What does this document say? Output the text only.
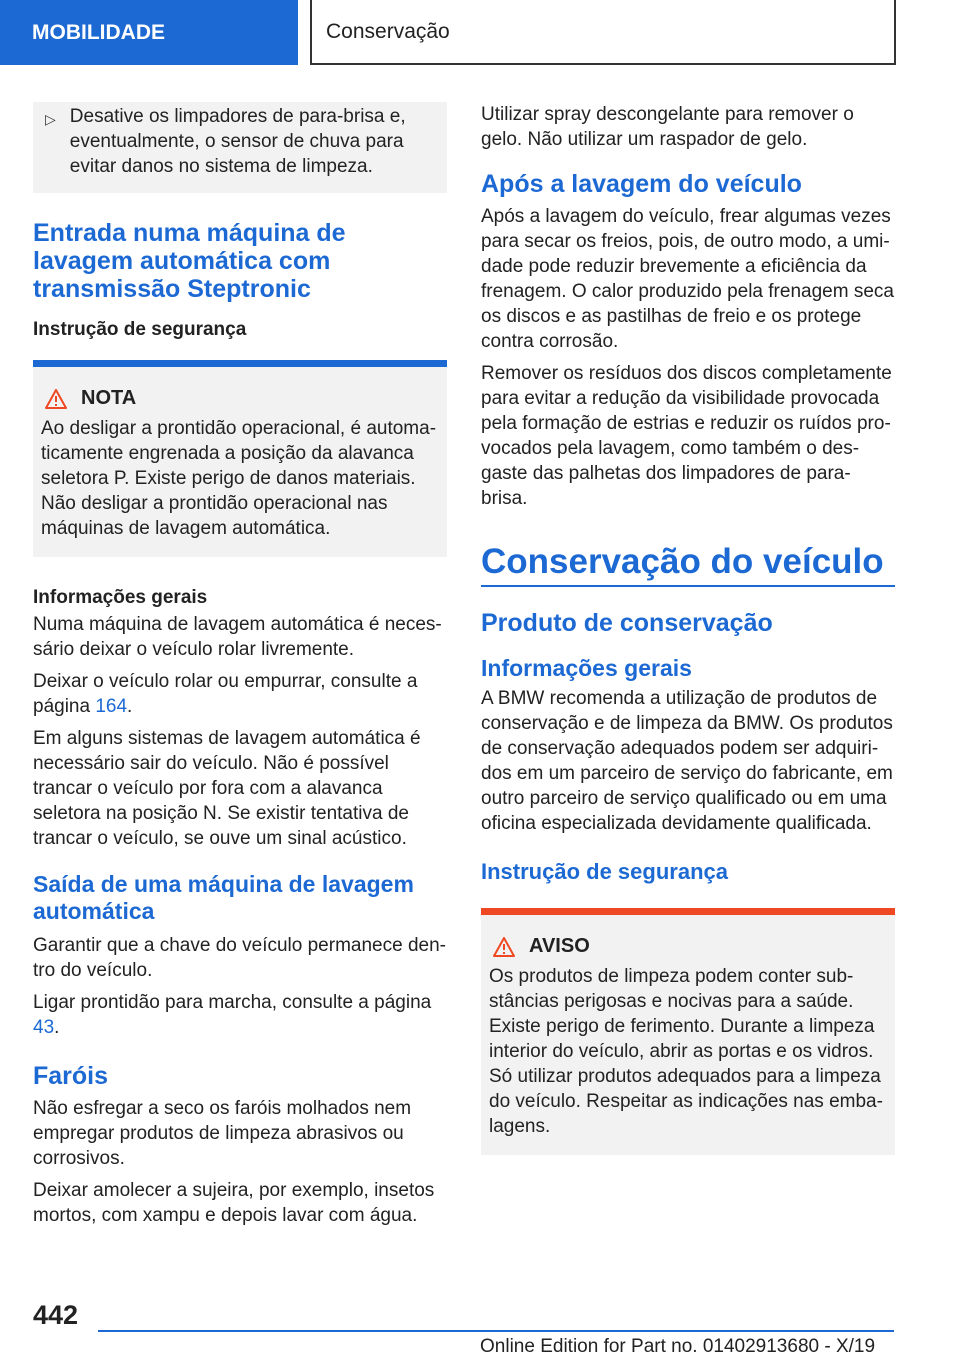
MOBILIDADE	Conservação
▷ Desative os limpadores de para-brisa e, eventualmente, o sensor de chuva para evitar danos no sistema de limpeza.
Entrada numa máquina de lavagem automática com transmissão Steptronic
Instrução de segurança
NOTA

Ao desligar a prontidão operacional, é automaticamente engrenada a posição da alavanca seletora P. Existe perigo de danos materiais. Não desligar a prontidão operacional nas máquinas de lavagem automática.

Informações gerais

Numa máquina de lavagem automática é necessário deixar o veículo rolar livremente.

Deixar o veículo rolar ou empurrar, consulte a página 164.

Em alguns sistemas de lavagem automática é necessário sair do veículo. Não é possível trancar o veículo por fora com a alavanca seletora na posição N. Se existir tentativa de trancar o veículo, se ouve um sinal acústico.

Saída de uma máquina de lavagem automática

Garantir que a chave do veículo permanece dentro do veículo.

Ligar prontidão para marcha, consulte a página 43.

Faróis

Não esfregar a seco os faróis molhados nem empregar produtos de limpeza abrasivos ou corrosivos.

Deixar amolecer a sujeira, por exemplo, insetos mortos, com xampu e depois lavar com água.

Utilizar spray descongelante para remover o gelo. Não utilizar um raspador de gelo.

Após a lavagem do veículo

Após a lavagem do veículo, frear algumas vezes para secar os freios, pois, de outro modo, a umidade pode reduzir brevemente a eficiência da frenagem. O calor produzido pela frenagem seca os discos e as pastilhas de freio e os protege contra corrosão.

Remover os resíduos dos discos completamente para evitar a redução da visibilidade provocada pela formação de estrias e reduzir os ruídos provocados pela lavagem, como também o desgaste das palhetas dos limpadores de para-brisa.

Conservação do veículo
Produto de conservação
Informações gerais

A BMW recomenda a utilização de produtos de conservação e de limpeza da BMW. Os produtos de conservação adequados podem ser adquiridos em um parceiro de serviço do fabricante, em outro parceiro de serviço qualificado ou em uma oficina especializada devidamente qualificada.

Instrução de segurança
AVISO

Os produtos de limpeza podem conter substâncias perigosas e nocivas para a saúde. Existe perigo de ferimento. Durante a limpeza interior do veículo, abrir as portas e os vidros. Só utilizar produtos adequados para a limpeza do veículo. Respeitar as indicações nas embalagens.

442
Online Edition for Part no. 01402913680 - X/19
